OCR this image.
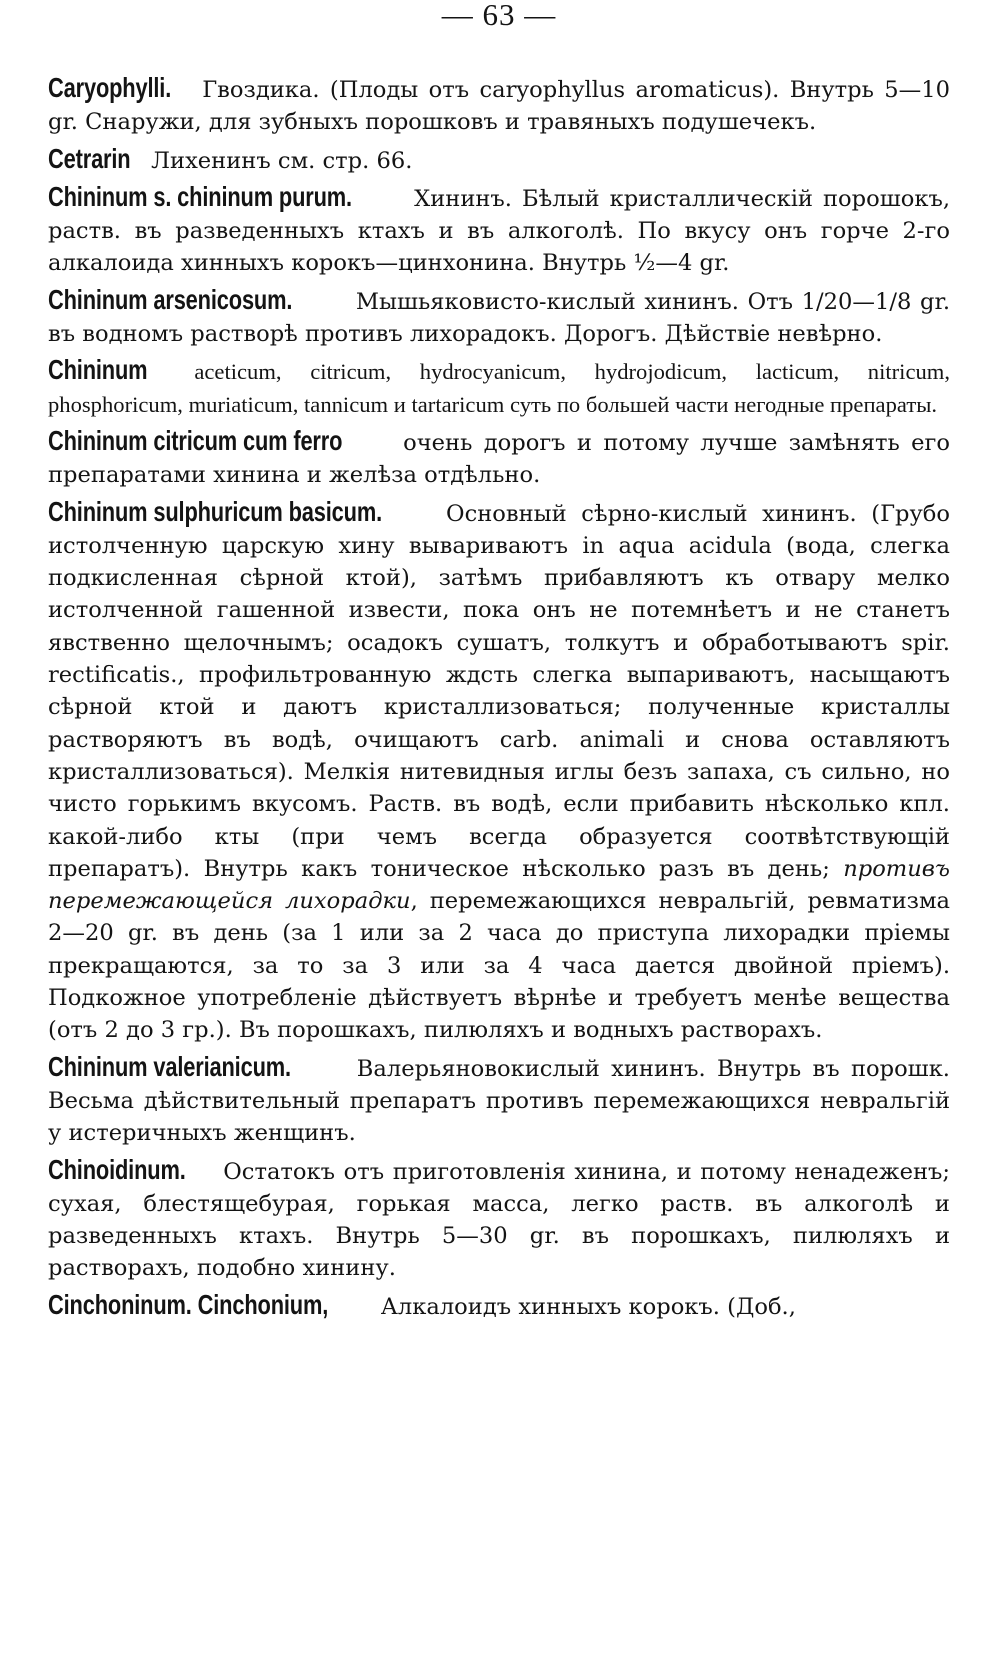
— 63 —

Caryophylli. Гвоздика. (Плоды отъ caryophyllus aromaticus). Внутрь 5—10 gr. Снаружи, для зубныхъ порошковъ и травяныхъ подушечекъ.

Cetrarin Лихенинъ см. стр. 66.

Chininum s. chininum purum. Хининъ. Бѣлый кристаллическій порошокъ, раств. въ разведенныхъ ктахъ и въ алкоголѣ. По вкусу онъ горче 2-го алкалоида хинныхъ корокъ—цинхонина. Внутрь ½—4 gr.

Chininum arsenicosum. Мышьяковисто-кислый хининъ. Отъ 1/20—1/8 gr. въ водномъ растворѣ противъ лихорадокъ. Дорогъ. Дѣйствіе невѣрно.

Chininum aceticum, citricum, hydrocyanicum, hydrojodicum, lacticum, nitricum, phosphoricum, muriaticum, tannicum и tartaricum суть по большей части негодные препараты.

Chininum citricum cum ferro очень дорогъ и потому лучше замѣнять его препаратами хинина и желѣза отдѣльно.

Chininum sulphuricum basicum. Основный сѣрно-кислый хининъ. (Грубо истолченную царскую хину вывариваютъ in aqua acidula (вода, слегка подкисленная сѣрной ктой), затѣмъ прибавляютъ къ отвару мелко истолченной гашенной извести, пока онъ не потемнѣетъ и не станетъ явственно щелочнымъ; осадокъ сушатъ, толкутъ и обработываютъ spir. rectificatis., профильтрованную ждсть слегка выпариваютъ, насыщаютъ сѣрной ктой и даютъ кристаллизоваться; полученные кристаллы растворяютъ въ водѣ, очищаютъ carb. animali и снова оставляютъ кристаллизоваться). Мелкія нитевидныя иглы безъ запаха, съ сильно, но чисто горькимъ вкусомъ. Раств. въ водѣ, если прибавить нѣсколько кпл. какой-либо кты (при чемъ всегда образуется соотвѣтствующій препаратъ). Внутрь какъ тоническое нѣсколько разъ въ день; противъ перемежающейся лихорадки, перемежающихся невральгій, ревматизма 2—20 gr. въ день (за 1 или за 2 часа до приступа лихорадки пріемы прекращаются, за то за 3 или за 4 часа дается двойной пріемъ). Подкожное употребленіе дѣйствуетъ вѣрнѣе и требуетъ менѣе вещества (отъ 2 до 3 гр.). Въ порошкахъ, пилюляхъ и водныхъ растворахъ.

Chininum valerianicum. Валерьяновокислый хининъ. Внутрь въ порошк. Весьма дѣйствительный препаратъ противъ перемежающихся невральгій у истеричныхъ женщинъ.

Chinoidinum. Остатокъ отъ приготовленія хинина, и потому ненадеженъ; сухая, блестящебурая, горькая масса, легко раств. въ алкоголѣ и разведенныхъ ктахъ. Внутрь 5—30 gr. въ порошкахъ, пилюляхъ и растворахъ, подобно хинину.

Cinchoninum. Cinchonium, Алкалоидъ хинныхъ корокъ. (Доб.,
